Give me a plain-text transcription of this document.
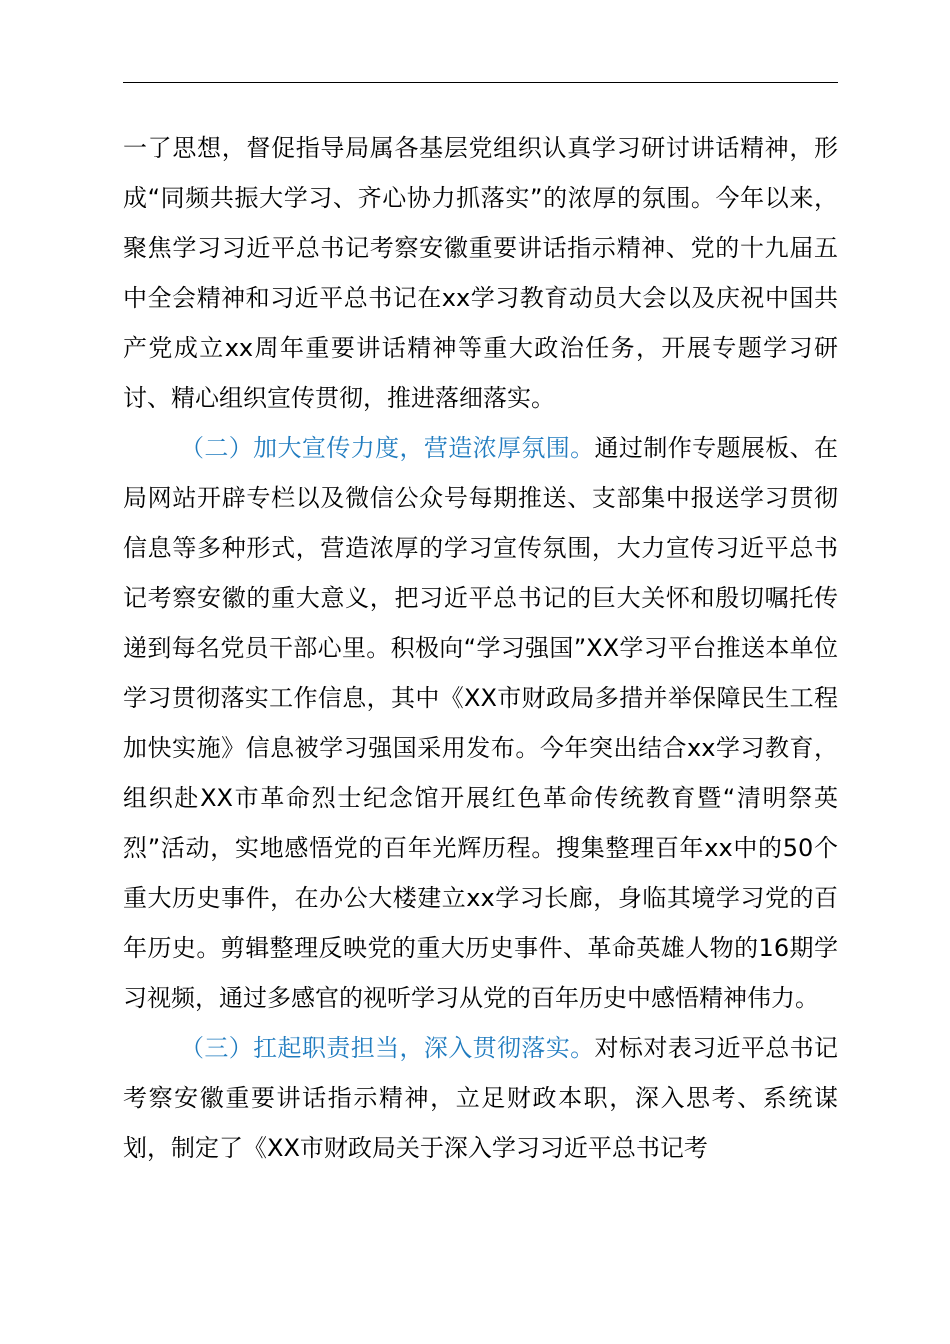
一了思想，督促指导局属各基层党组织认真学习研讨讲话精神，形成“同频共振大学习、齐心协力抓落实”的浓厚的氛围。今年以来，聚焦学习习近平总书记考察安徽重要讲话指示精神、党的十九届五中全会精神和习近平总书记在xx学习教育动员大会以及庆祝中国共产党成立xx周年重要讲话精神等重大政治任务，开展专题学习研讨、精心组织宣传贯彻，推进落细落实。

（二）加大宣传力度，营造浓厚氛围。通过制作专题展板、在局网站开辟专栏以及微信公众号每期推送、支部集中报送学习贯彻信息等多种形式，营造浓厚的学习宣传氛围，大力宣传习近平总书记考察安徽的重大意义，把习近平总书记的巨大关怀和殷切嘱托传递到每名党员干部心里。积极向“学习强国”XX学习平台推送本单位学习贯彻落实工作信息，其中《XX市财政局多措并举保障民生工程加快实施》信息被学习强国采用发布。今年突出结合xx学习教育，组织赴XX市革命烈士纪念馆开展红色革命传统教育暨“清明祭英烈”活动，实地感悟党的百年光辉历程。搜集整理百年xx中的50个重大历史事件，在办公大楼建立xx学习长廊，身临其境学习党的百年历史。剪辑整理反映党的重大历史事件、革命英雄人物的16期学习视频，通过多感官的视听学习从党的百年历史中感悟精神伟力。

（三）扛起职责担当，深入贯彻落实。对标对表习近平总书记考察安徽重要讲话指示精神，立足财政本职，深入思考、系统谋划，制定了《XX市财政局关于深入学习习近平总书记考
